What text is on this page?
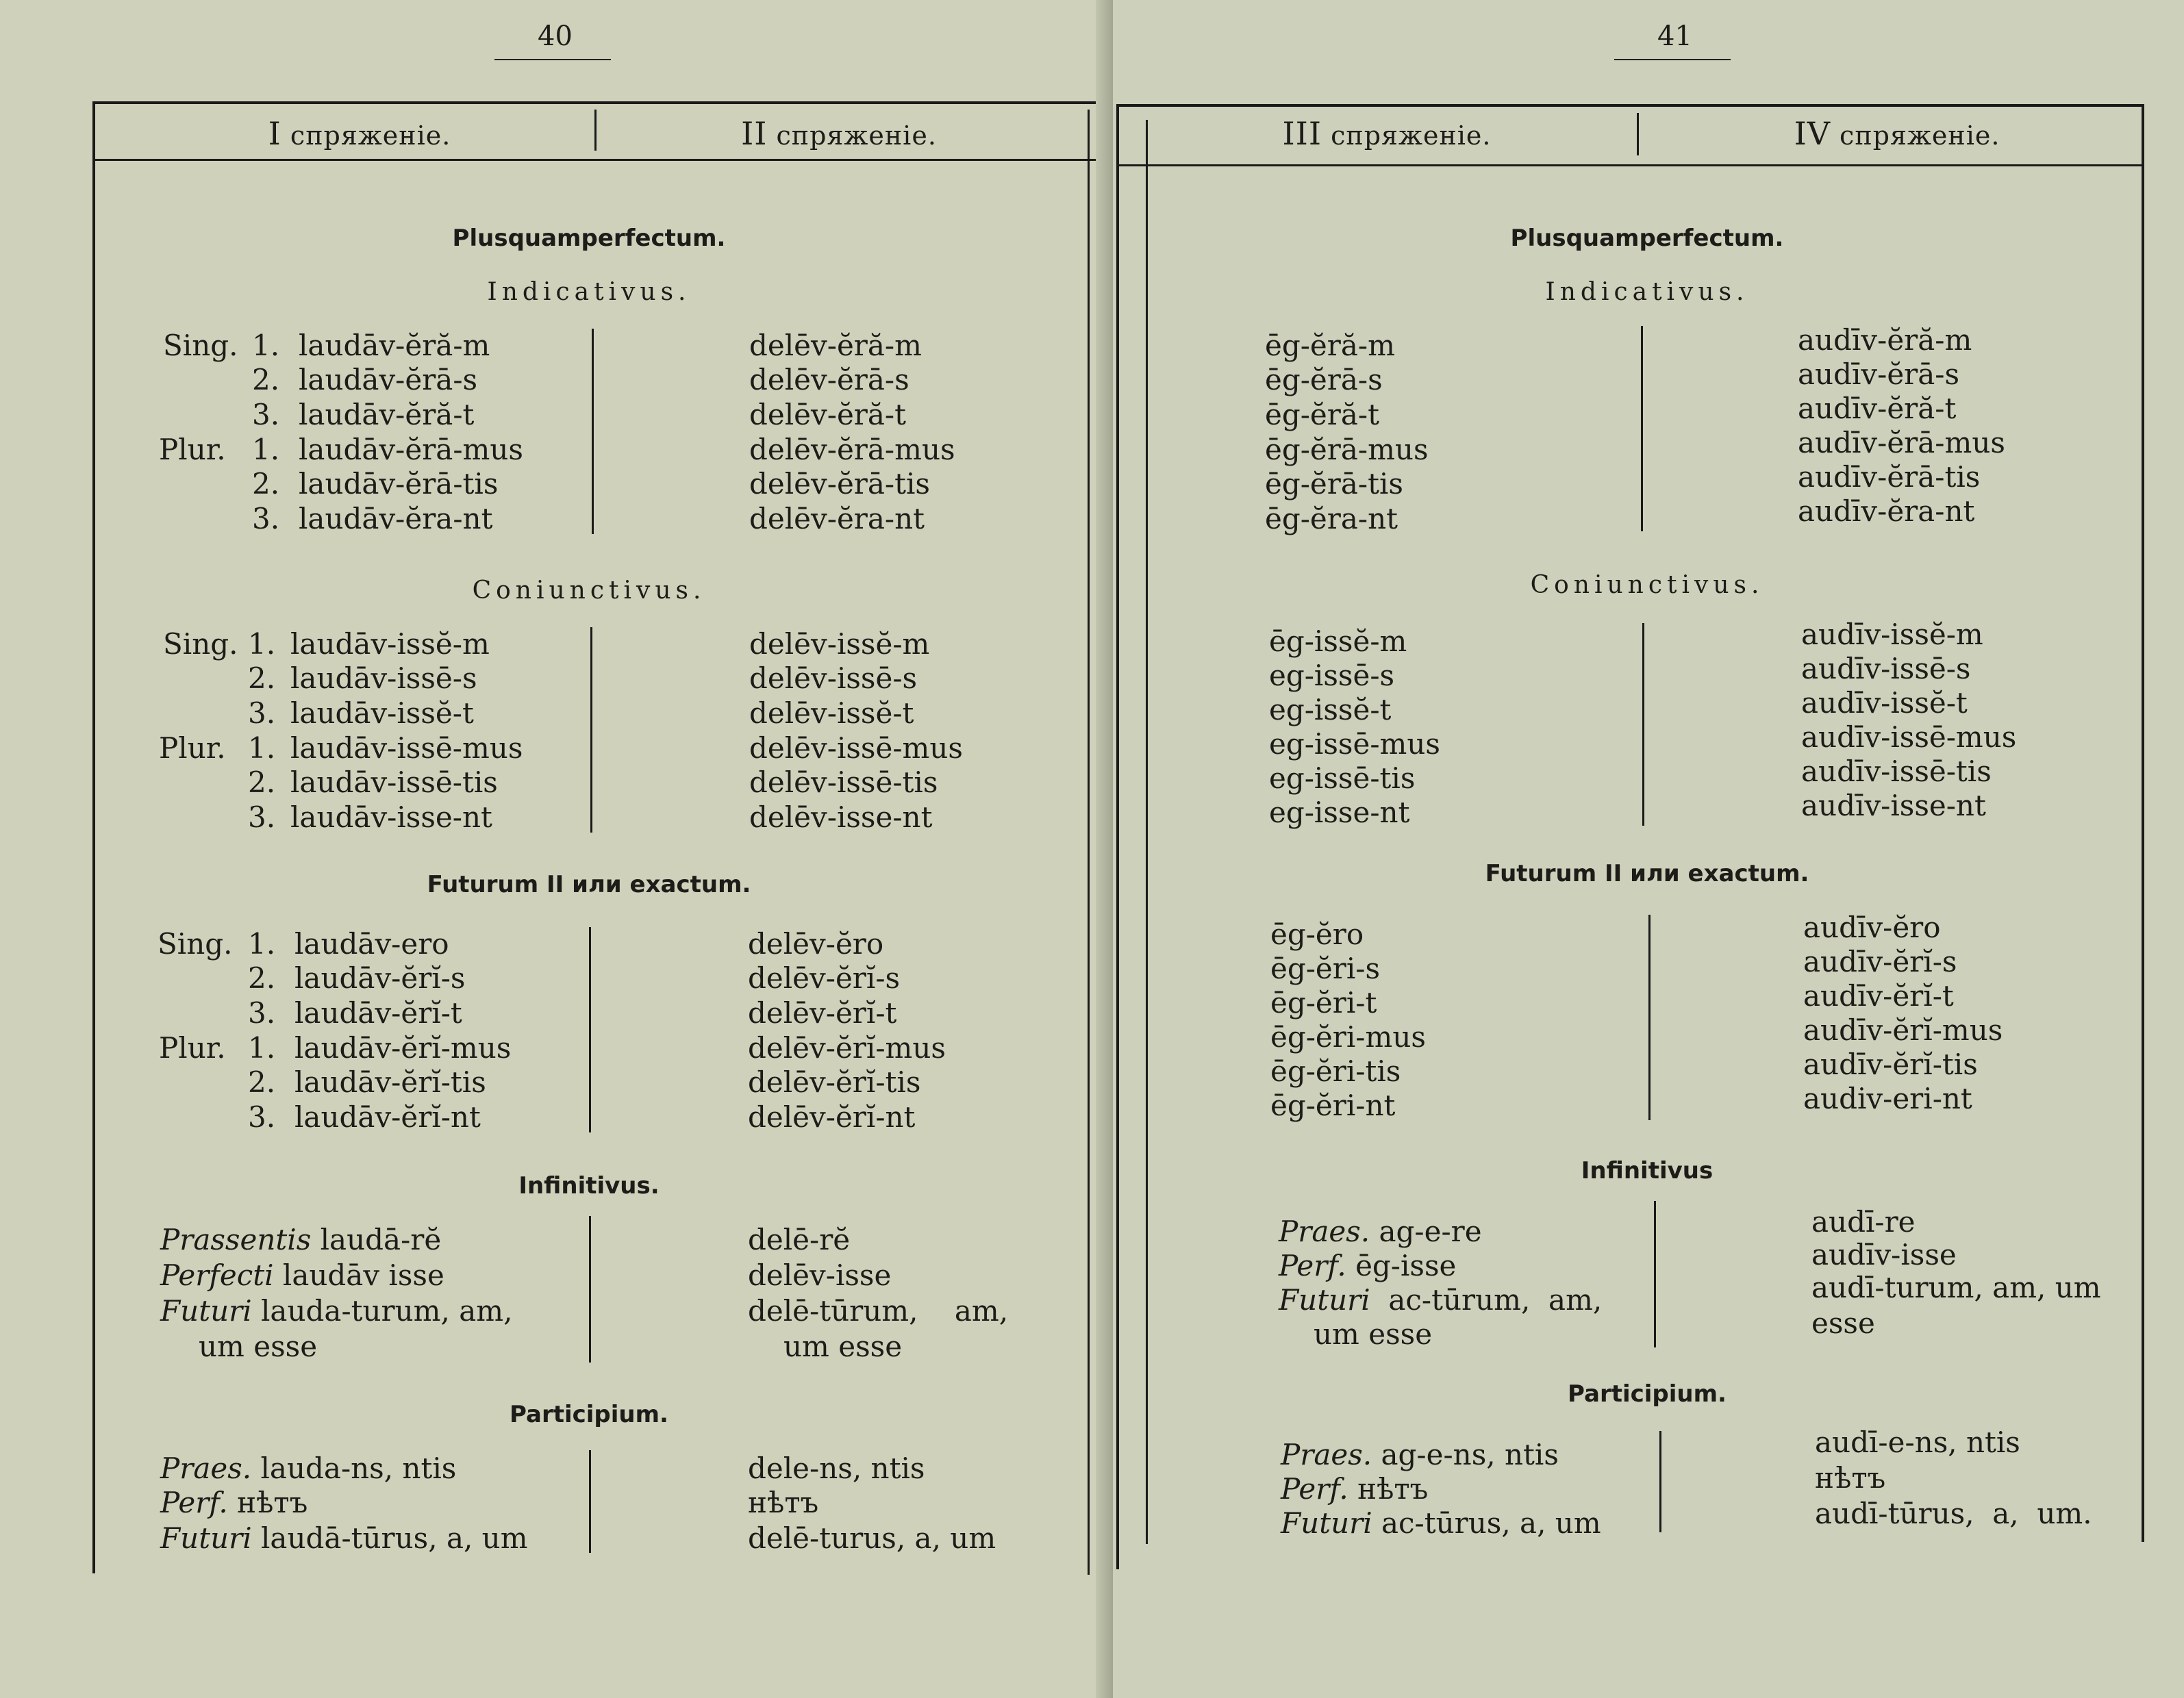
40
I спряженіе.	II спряженіе.
Plusquamperfectum.
Indicativus.
Sing.
Plur.
1.
2.
3.
1.
2.
3.
laudāv-ĕră-m
laudāv-ĕrā-s
laudāv-ĕră-t
laudāv-ĕrā-mus
laudāv-ĕrā-tis
laudāv-ĕra-nt
delēv-ĕră-m
delēv-ĕrā-s
delēv-ĕră-t
delēv-ĕrā-mus
delēv-ĕrā-tis
delēv-ĕra-nt
Coniunctivus.
Sing.
Plur.
1.
2.
3.
1.
2.
3.
laudāv-issĕ-m
laudāv-issē-s
laudāv-issĕ-t
laudāv-issē-mus
laudāv-issē-tis
laudāv-isse-nt
delēv-issĕ-m
delēv-issē-s
delēv-issĕ-t
delēv-issē-mus
delēv-issē-tis
delēv-isse-nt
Futurum II или exactum.
Sing.
Plur.
1.
2.
3.
1.
2.
3.
laudāv-ero
laudāv-ĕrĭ-s
laudāv-ĕrĭ-t
laudāv-ĕrĭ-mus
laudāv-ĕrĭ-tis
laudāv-ĕrĭ-nt
delēv-ĕro
delēv-ĕrĭ-s
delēv-ĕrĭ-t
delēv-ĕrĭ-mus
delēv-ĕrĭ-tis
delēv-ĕrĭ-nt
Infinitivus.
Prassentis laudā-rĕ
Perfecti laudāv isse
Futuri lauda-turum, am,
um esse
delē-rĕ
delēv-isse
delē-tūrum,    am,
um esse
Participium.
Praes. lauda-ns, ntis
Perf. нѣтъ
Futuri laudā-tūrus, a, um
dele-ns, ntis
нѣтъ
delē-turus, a, um
41
III спряженіе.	IV спряженіе.
Plusquamperfectum.
Indicativus.
ēg-ĕră-m
ēg-ĕrā-s
ēg-ĕră-t
ēg-ĕrā-mus
ēg-ĕrā-tis
ēg-ĕra-nt
audīv-ĕră-m
audīv-ĕrā-s
audīv-ĕră-t
audīv-ĕrā-mus
audīv-ĕrā-tis
audīv-ĕra-nt
Coniunctivus.
ēg-issĕ-m
eg-issē-s
eg-issĕ-t
eg-issē-mus
eg-issē-tis
eg-isse-nt
audīv-issĕ-m
audīv-issē-s
audīv-issĕ-t
audīv-issē-mus
audīv-issē-tis
audīv-isse-nt
Futurum II или exactum.
ēg-ĕro
ēg-ĕri-s
ēg-ĕri-t
ēg-ĕri-mus
ēg-ĕri-tis
ēg-ĕri-nt
audīv-ĕro
audīv-ĕrĭ-s
audīv-ĕrĭ-t
audīv-ĕrĭ-mus
audīv-ĕrĭ-tis
audiv-eri-nt
Infinitivus
Praes. ag-e-re
Perf. ēg-isse
Futuri  ac-tūrum,  am,
um esse
audī-re
audīv-isse
audī-turum, am, um
esse
Participium.
Praes. ag-e-ns, ntis
Perf. нѣтъ
Futuri ac-tūrus, a, um
audī-e-ns, ntis
нѣтъ
audī-tūrus,  a,  um.
